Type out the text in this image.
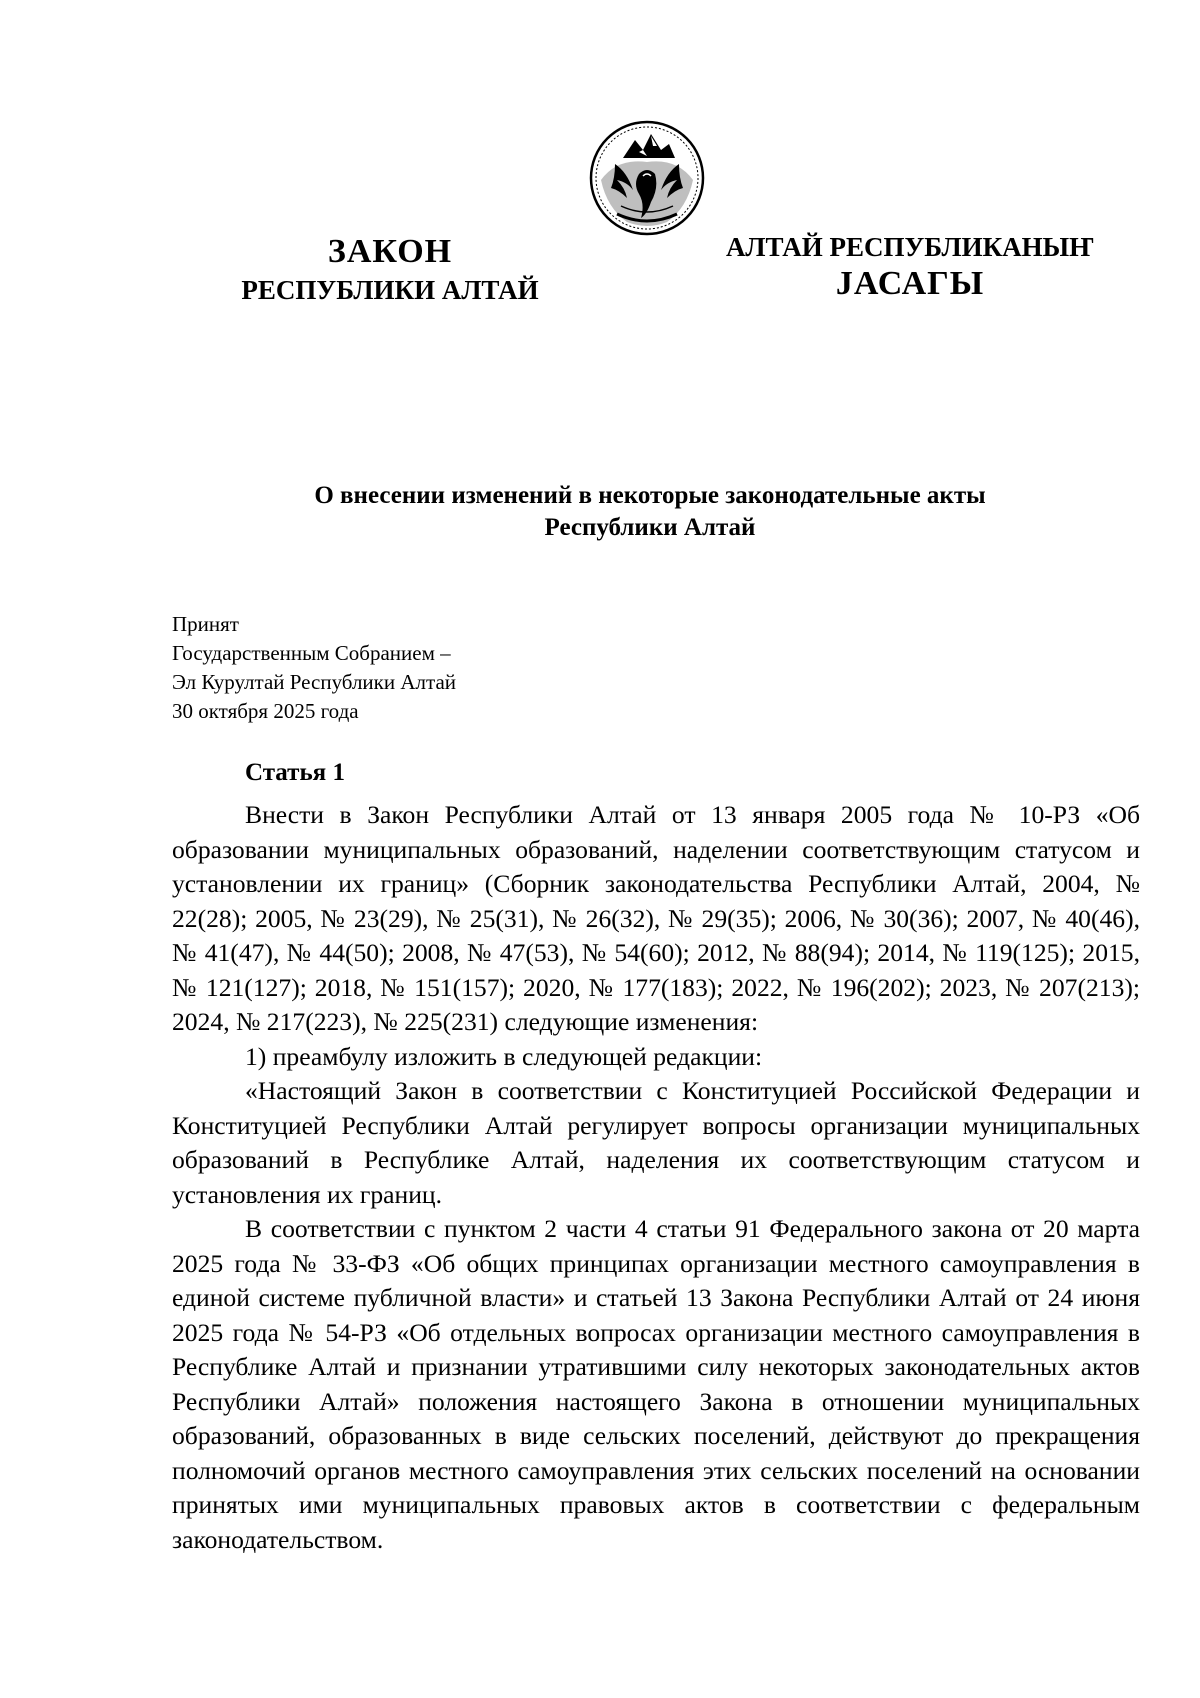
ЗАКОН
РЕСПУБЛИКИ АЛТАЙ
АЛТАЙ РЕСПУБЛИКАНЫҤ
JАСАГЫ
О внесении изменений в некоторые законодательные акты
Республики Алтай
Принят
Государственным Собранием –
Эл Курултай Республики Алтай
30 октября 2025 года
Статья 1

Внести в Закон Республики Алтай от 13 января 2005 года № 10-РЗ «Об образовании муниципальных образований, наделении соответствующим статусом и установлении их границ» (Сборник законодательства Республики Алтай, 2004, № 22(28); 2005, № 23(29), № 25(31), № 26(32), № 29(35); 2006, № 30(36); 2007, № 40(46), № 41(47), № 44(50); 2008, № 47(53), № 54(60); 2012, № 88(94); 2014, № 119(125); 2015, № 121(127); 2018, № 151(157); 2020, № 177(183); 2022, № 196(202); 2023, № 207(213); 2024, № 217(223), № 225(231) следующие изменения:

1) преамбулу изложить в следующей редакции:

«Настоящий Закон в соответствии с Конституцией Российской Федерации и Конституцией Республики Алтай регулирует вопросы организации муниципальных образований в Республике Алтай, наделения их соответствующим статусом и установления их границ.

В соответствии с пунктом 2 части 4 статьи 91 Федерального закона от 20 марта 2025 года № 33-ФЗ «Об общих принципах организации местного самоуправления в единой системе публичной власти» и статьей 13 Закона Республики Алтай от 24 июня 2025 года № 54-РЗ «Об отдельных вопросах организации местного самоуправления в Республике Алтай и признании утратившими силу некоторых законодательных актов Республики Алтай» положения настоящего Закона в отношении муниципальных образований, образованных в виде сельских поселений, действуют до прекращения полномочий органов местного самоуправления этих сельских поселений на основании принятых ими муниципальных правовых актов в соответствии с федеральным законодательством.
